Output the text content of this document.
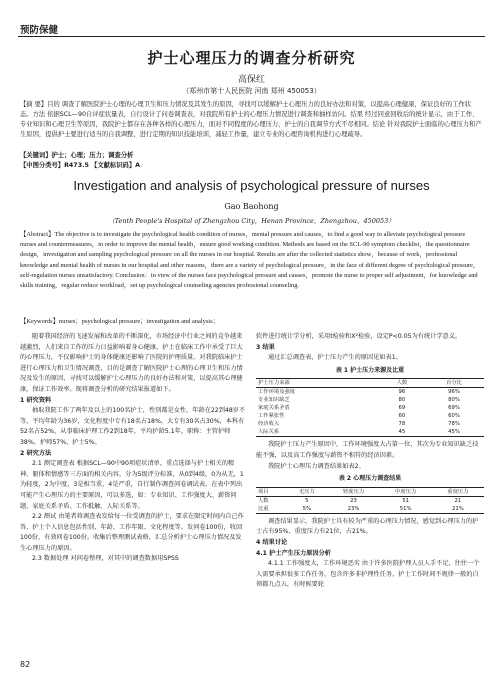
预防保健
护士心理压力的调查分析研究
高保红
（郑州市第十人民医院 河南 郑州 450053）
【摘 要】目的 调查了解医院护士心理的心理卫生和压力情况及其发生的原因，寻找可以缓解护士心理压力的良好办法和对策，以提高心理健康，保证良好的工作状态。方法 依据SCL—90自评症状量表，自行设计了问卷调查表，对我院所有护士的心理压力情况进行调查和抽样访问。结果 经过同意回收后的统计显示，由于工作、专业知识和心理卫生等原因，我院护士都存在各种各样的心理压力，面对不同程度的心理压力，护士的自我调节方式不尽相同。结论 针对我院护士面临的心理压力和产生原因，提倡护士要进行适当的自我调整，进行定期的知识技能培训，减轻工作量，建立专业的心理咨询机构进行心理疏导。
【关键词】护士；心理；压力；调查分析
【中图分类号】R473.5 【文献标识码】A
Investigation and analysis of psychological pressure of nurses
Gao Baohong
（Tenth People's Hospital of Zhengzhou City，Henan Province，Zhengzhou，450053）
【Abstract】The objective is to investigate the psychological health condition of nurses，mental pressure and causes，to find a good way to alleviate psychological pressure nurses and countermeasures，in order to improve the mental health，ensure good working condition. Methods are based on the SCL-90 symptom checklist，the questionnaire design，investigation and sampling psychological pressure on all the nurses in our hospital. Results are after the collected statistics show，because of work，professional knowledge and mental health of nurses in our hospital and other reasons，there are a variety of psychological pressure，in the face of different degree of psychological pressure，self-regulation nurses unsatisfactory. Conclusion：in view of the nurses face psychological pressure and causes，promote the nurse to proper self adjustment，for knowledge and skills training，regular reduce workload，set up psychological counseling agencies professional counseling.
【Keywords】nurses；psychological pressure；investigation and analysis；

随着我国经济的飞速发展和改革的不断深化，市场经济中行业之间的竞争越来越激烈，人们来自工作的压力日益影响着身心健康，护士在临床工作中承受了巨大的心理压力，不仅影响护士的身体健康还影响了医院的护理质量。对我院临床护士进行心理压力和卫生情况调查，目的是调查了解医院护士心理的心理卫生和压力情况及发生的原因，寻找可以缓解护士心理压力的良好办法和对策，以提高其心理健康，保证工作效率。现将调查分析的研究结果报道如下。

1 研究资料

抽取我院工作了两年及以上的100名护士，性别都是女性，年龄在22到48岁不等，平均年龄为36岁，文化程度中专有18名占18%，大专有30名占30%，本科有52名占52%，从事临床护理工作2到18年，平均护龄5.1年，职称：主管护师38%，护师57%，护士5%。

2 研究方法

2.1 测定调查表 根据SCL—90中90项症状清单，重点选择与护士相关的精神、躯体和情感等三方面的相关内容，分为5级评分标准，从0到4级，0为从无，1为轻度，2为中度，3是相当重，4是严重，自行制作调查问卷调试表。在表中列出可能产生心理压力的主要原因，可以多选，如：专业知识、工作强度大、薪资问题、家庭关系矛盾、工作抵触、人际关系等。

2.2 测试 由笔者将调查表发给每一位受调查的护士，要求在限定时间内自己作答，护士个人信息包括性别、年龄、工作年限、文化程度等。发问卷100份，收回100份，有效问卷100份。收集后整理测试表格，汇总分析护士心理压力情况及发生心理压力的原因。

2.3 数据处理 对问卷整理，对其中的调查数据用SPSS

软件进行统计学分析，采用t检验和X²检验，设定P<0.05为有统计学意义。

3 结果

通过汇总调查表，护士压力产生的原因见如表1。

表 1 护士压力来源及比重
护士压力来源	人数	百分比
工作环境及强度	96	96%
专业知识缺乏	80	80%
家庭关系矛盾	69	69%
工作紧张性	60	60%
经济收入	78	78%
人际关系	45	45%

我院护士压力产生原因中，工作环境强度大占第一位，其次为专业知识缺乏技能不强，以及高工作强度与薪资不相符的经济因素。

我院护士心理压力调查结果如表2。

表 2 心理压力调查结果
项目	无压力	轻度压力	中度压力	重度压力
人数	5	23	51	21
比重	5%	23%	51%	21%

调查结果显示，我院护士具有较为严重的心理压力情况，感觉到心理压力的护士占有95%，重度压力有21位，占21%。

4 结果讨论

4.1 护士产生压力原因分析

4.1.1 工作强度大，工作环境恶劣 由于许多医院护理人员人手不足，往往一个人需要承担很多工作任务，包含许多非护理性任务，护士工作时间不规律一般的白领都九点五，有时候要轮

82
